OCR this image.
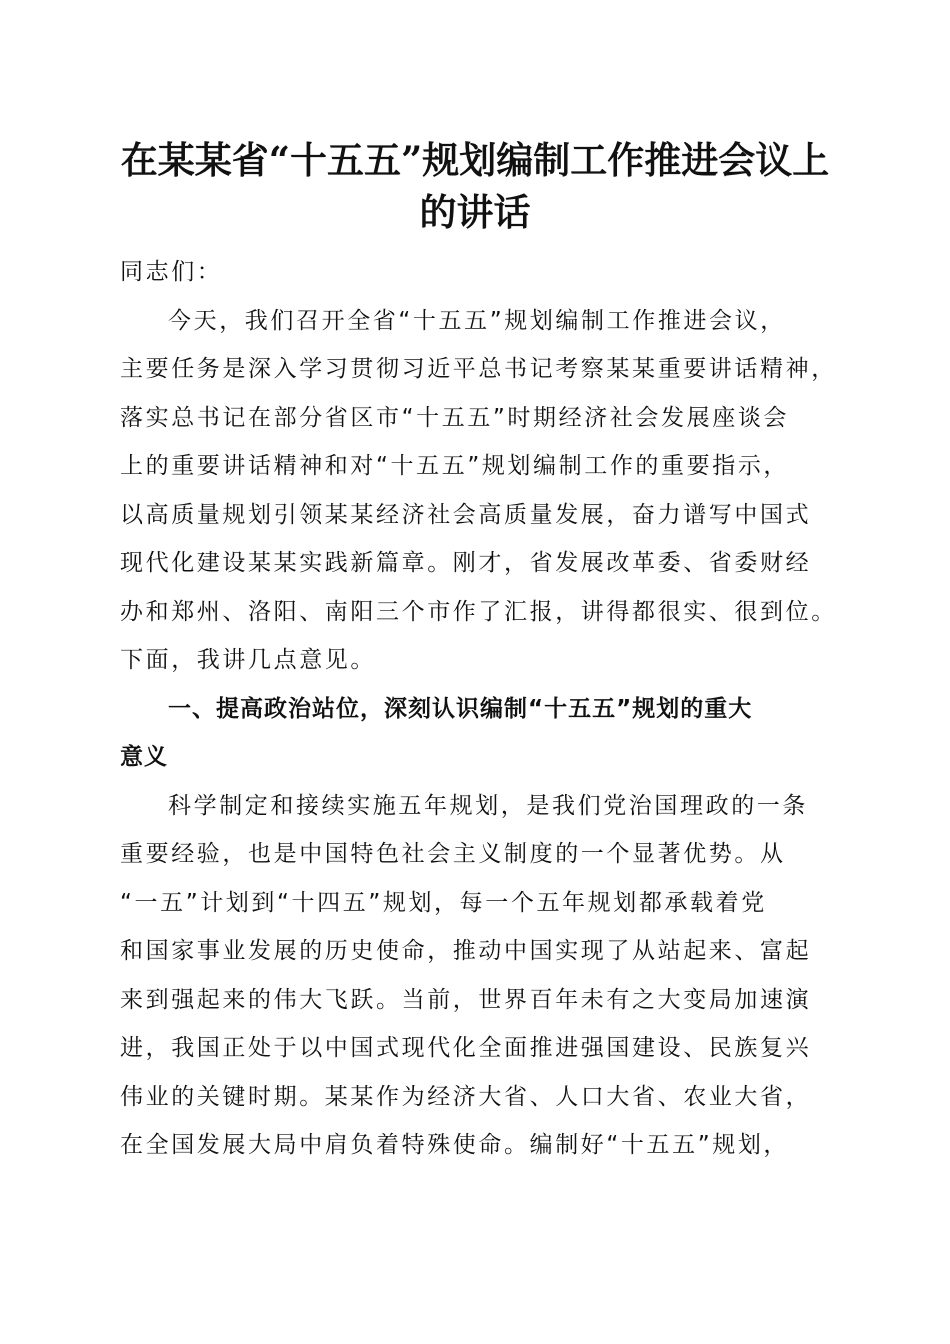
在某某省“十五五”规划编制工作推进会议上
的讲话
同志们：
今天，我们召开全省“十五五”规划编制工作推进会议，
主要任务是深入学习贯彻习近平总书记考察某某重要讲话精神，
落实总书记在部分省区市“十五五”时期经济社会发展座谈会
上的重要讲话精神和对“十五五”规划编制工作的重要指示，
以高质量规划引领某某经济社会高质量发展，奋力谱写中国式
现代化建设某某实践新篇章。刚才，省发展改革委、省委财经
办和郑州、洛阳、南阳三个市作了汇报，讲得都很实、很到位。
下面，我讲几点意见。
一、提高政治站位，深刻认识编制“十五五”规划的重大
意义
科学制定和接续实施五年规划，是我们党治国理政的一条
重要经验，也是中国特色社会主义制度的一个显著优势。从
“一五”计划到“十四五”规划，每一个五年规划都承载着党
和国家事业发展的历史使命，推动中国实现了从站起来、富起
来到强起来的伟大飞跃。当前，世界百年未有之大变局加速演
进，我国正处于以中国式现代化全面推进强国建设、民族复兴
伟业的关键时期。某某作为经济大省、人口大省、农业大省，
在全国发展大局中肩负着特殊使命。编制好“十五五”规划，
